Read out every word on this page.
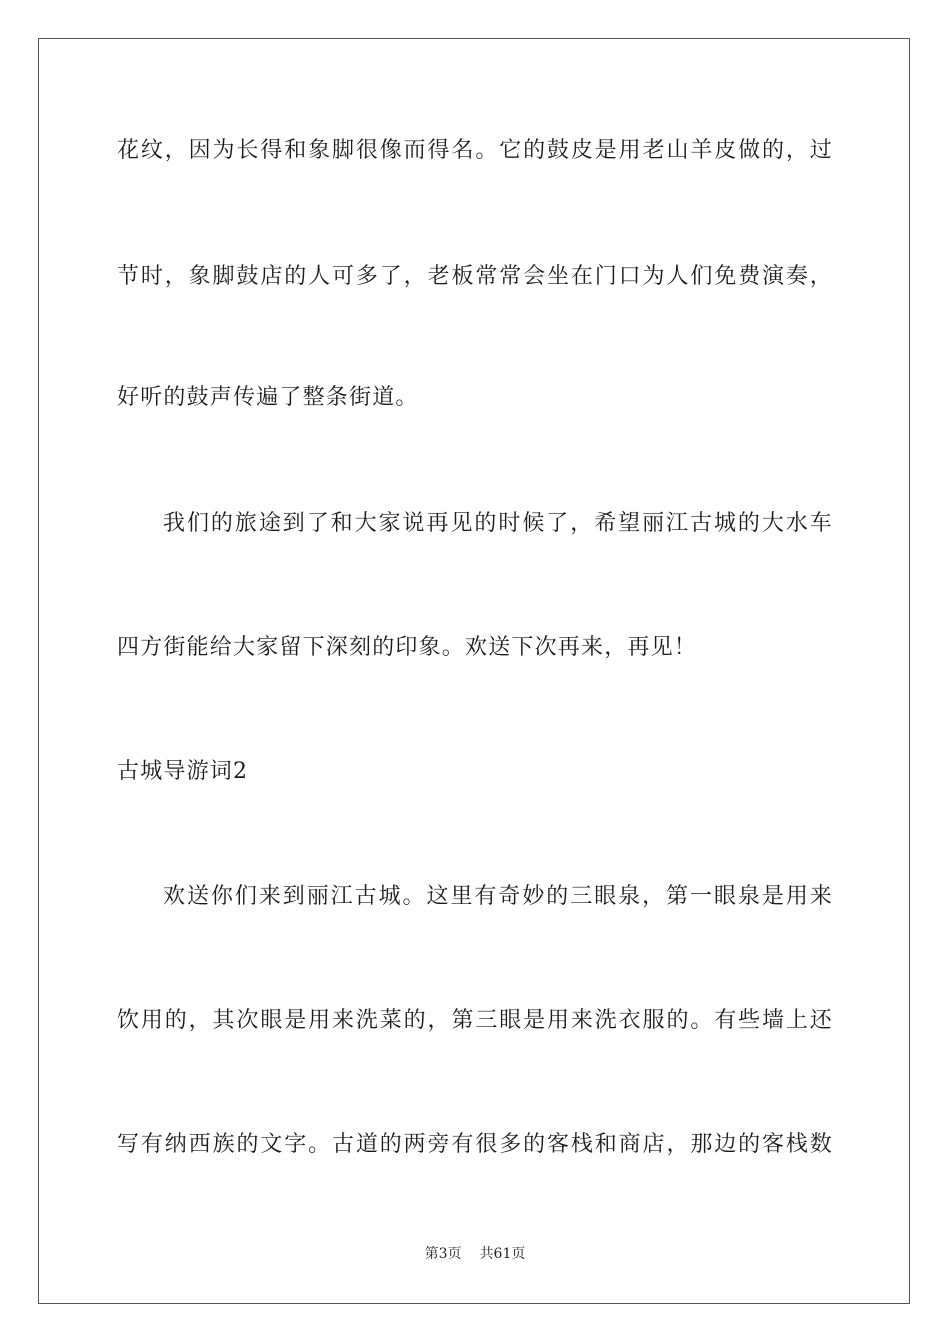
花纹，因为长得和象脚很像而得名。它的鼓皮是用老山羊皮做的，过
节时，象脚鼓店的人可多了，老板常常会坐在门口为人们免费演奏，
好听的鼓声传遍了整条街道。
我们的旅途到了和大家说再见的时候了，希望丽江古城的大水车
四方街能给大家留下深刻的印象。欢送下次再来，再见！
古城导游词2
欢送你们来到丽江古城。这里有奇妙的三眼泉，第一眼泉是用来
饮用的，其次眼是用来洗菜的，第三眼是用来洗衣服的。有些墙上还
写有纳西族的文字。古道的两旁有很多的客栈和商店，那边的客栈数
第3页 共61页
